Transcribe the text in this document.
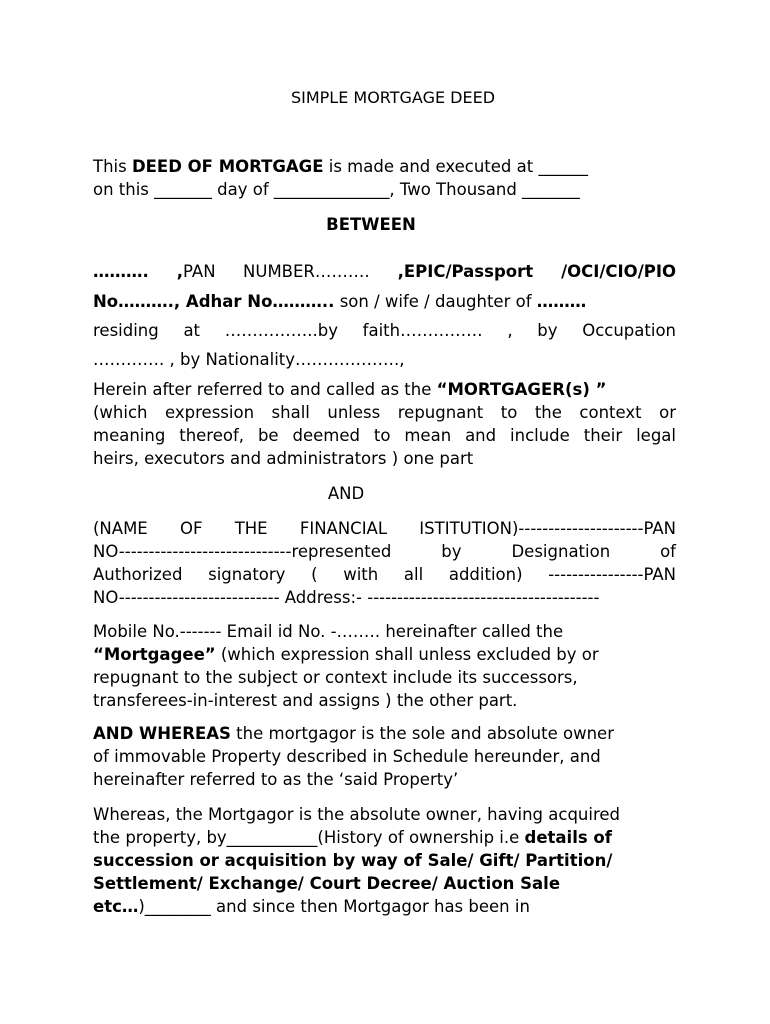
SIMPLE MORTGAGE DEED
This DEED OF MORTGAGE is made and executed at ______
on this _______ day of ______________, Two Thousand _______
BETWEEN
………. ,PAN NUMBER………. ,EPIC/Passport /OCI/CIO/PIO
No………., Adhar No……….. son / wife / daughter of ………
residing at ……………..by faith…………… , by Occupation
…………. , by Nationality……………….,
Herein after referred to and called as the “MORTGAGER(s) ”
(which expression shall unless repugnant to the context or
meaning thereof, be deemed to mean and include their legal
heirs, executors and administrators ) one part
AND
(NAME OF THE FINANCIAL ISTITUTION)---------------------PAN
NO-----------------------------represented by Designation of
Authorized signatory ( with all addition) ----------------PAN
NO--------------------------- Address:- ---------------------------------------
Mobile No.------- Email id No. -.……. hereinafter called the
“Mortgagee” (which expression shall unless excluded by or
repugnant to the subject or context include its successors,
transferees-in-interest and assigns ) the other part.
AND WHEREAS the mortgagor is the sole and absolute owner
of immovable Property described in Schedule hereunder, and
hereinafter referred to as the ‘said Property’
Whereas, the Mortgagor is the absolute owner, having acquired
the property, by___________(History of ownership i.e details of
succession or acquisition by way of Sale/ Gift/ Partition/
Settlement/ Exchange/ Court Decree/ Auction Sale
etc…)________ and since then Mortgagor has been in
